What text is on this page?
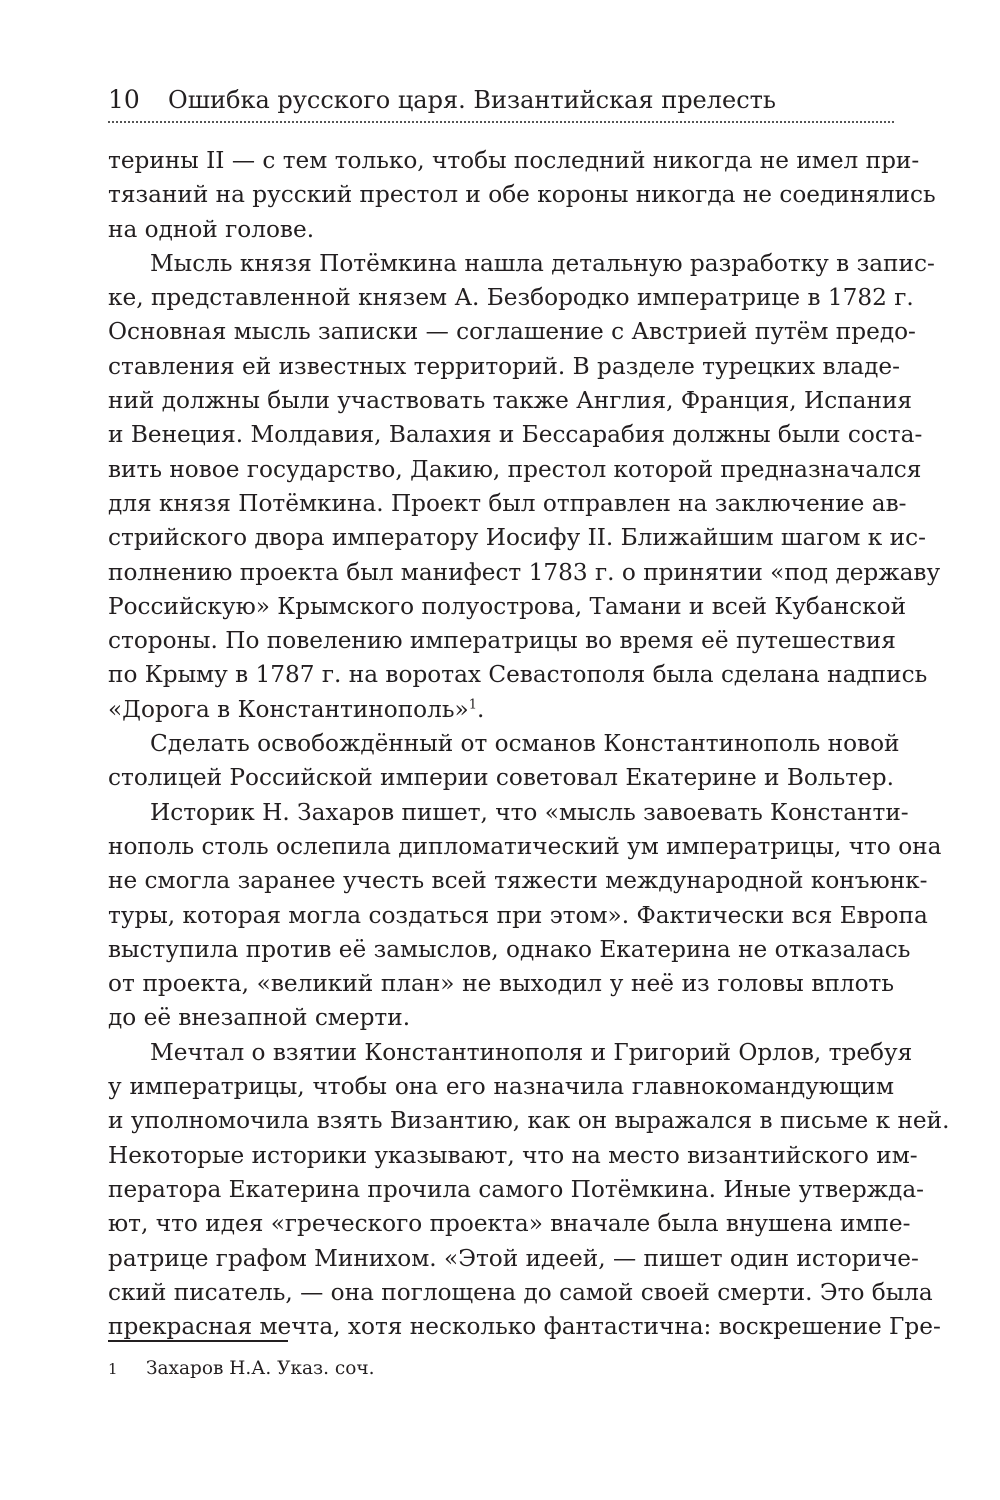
10 Ошибка русского царя. Византийская прелесть
терины II — с тем только, чтобы последний никогда не имел при-
тязаний на русский престол и обе короны никогда не соединялись
на одной голове.
Мысль князя Потёмкина нашла детальную разработку в запис-
ке, представленной князем А. Безбородко императрице в 1782 г.
Основная мысль записки — соглашение с Австрией путём предо-
ставления ей известных территорий. В разделе турецких владе-
ний должны были участвовать также Англия, Франция, Испания
и Венеция. Молдавия, Валахия и Бессарабия должны были соста-
вить новое государство, Дакию, престол которой предназначался
для князя Потёмкина. Проект был отправлен на заключение ав-
стрийского двора императору Иосифу II. Ближайшим шагом к ис-
полнению проекта был манифест 1783 г. о принятии «под державу
Российскую» Крымского полуострова, Тамани и всей Кубанской
стороны. По повелению императрицы во время её путешествия
по Крыму в 1787 г. на воротах Севастополя была сделана надпись
«Дорога в Константинополь»$^1$.
Сделать освобождённый от османов Константинополь новой
столицей Российской империи советовал Екатерине и Вольтер.
Историк Н. Захаров пишет, что «мысль завоевать Константи-
нополь столь ослепила дипломатический ум императрицы, что она
не смогла заранее учесть всей тяжести международной конъюнк-
туры, которая могла создаться при этом». Фактически вся Европа
выступила против её замыслов, однако Екатерина не отказалась
от проекта, «великий план» не выходил у неё из головы вплоть
до её внезапной смерти.
Мечтал о взятии Константинополя и Григорий Орлов, требуя
у императрицы, чтобы она его назначила главнокомандующим
и уполномочила взять Византию, как он выражался в письме к ней.
Некоторые историки указывают, что на место византийского им-
ператора Екатерина прочила самого Потёмкина. Иные утвержда-
ют, что идея «греческого проекта» вначале была внушена импе-
ратрице графом Минихом. «Этой идеей, — пишет один историче-
ский писатель, — она поглощена до самой своей смерти. Это была
прекрасная мечта, хотя несколько фантастична: воскрешение Гре-
1 Захаров Н.А. Указ. соч.
